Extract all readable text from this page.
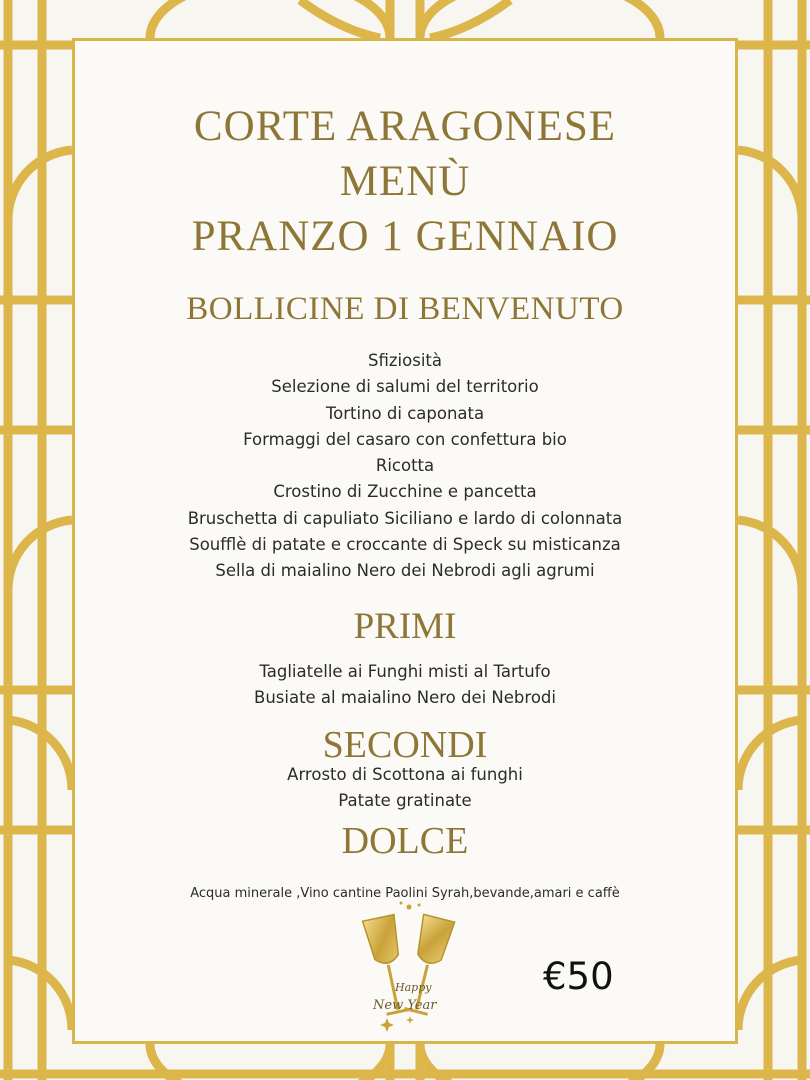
CORTE ARAGONESE
MENÙ
PRANZO 1 GENNAIO
BOLLICINE DI BENVENUTO
Sfiziosità
Selezione di salumi del territorio
Tortino di caponata
Formaggi del casaro con confettura bio
Ricotta
Crostino di Zucchine e pancetta
Bruschetta di capuliato Siciliano e lardo di colonnata
Soufflè di patate e croccante di Speck su misticanza
Sella di maialino Nero dei Nebrodi agli agrumi
PRIMI
Tagliatelle ai Funghi misti al Tartufo
Busiate al maialino Nero dei Nebrodi
SECONDI
Arrosto di Scottona ai funghi
Patate gratinate
DOLCE
Acqua minerale ,Vino cantine Paolini Syrah,bevande,amari e caffè
Happy
New Year
€50
